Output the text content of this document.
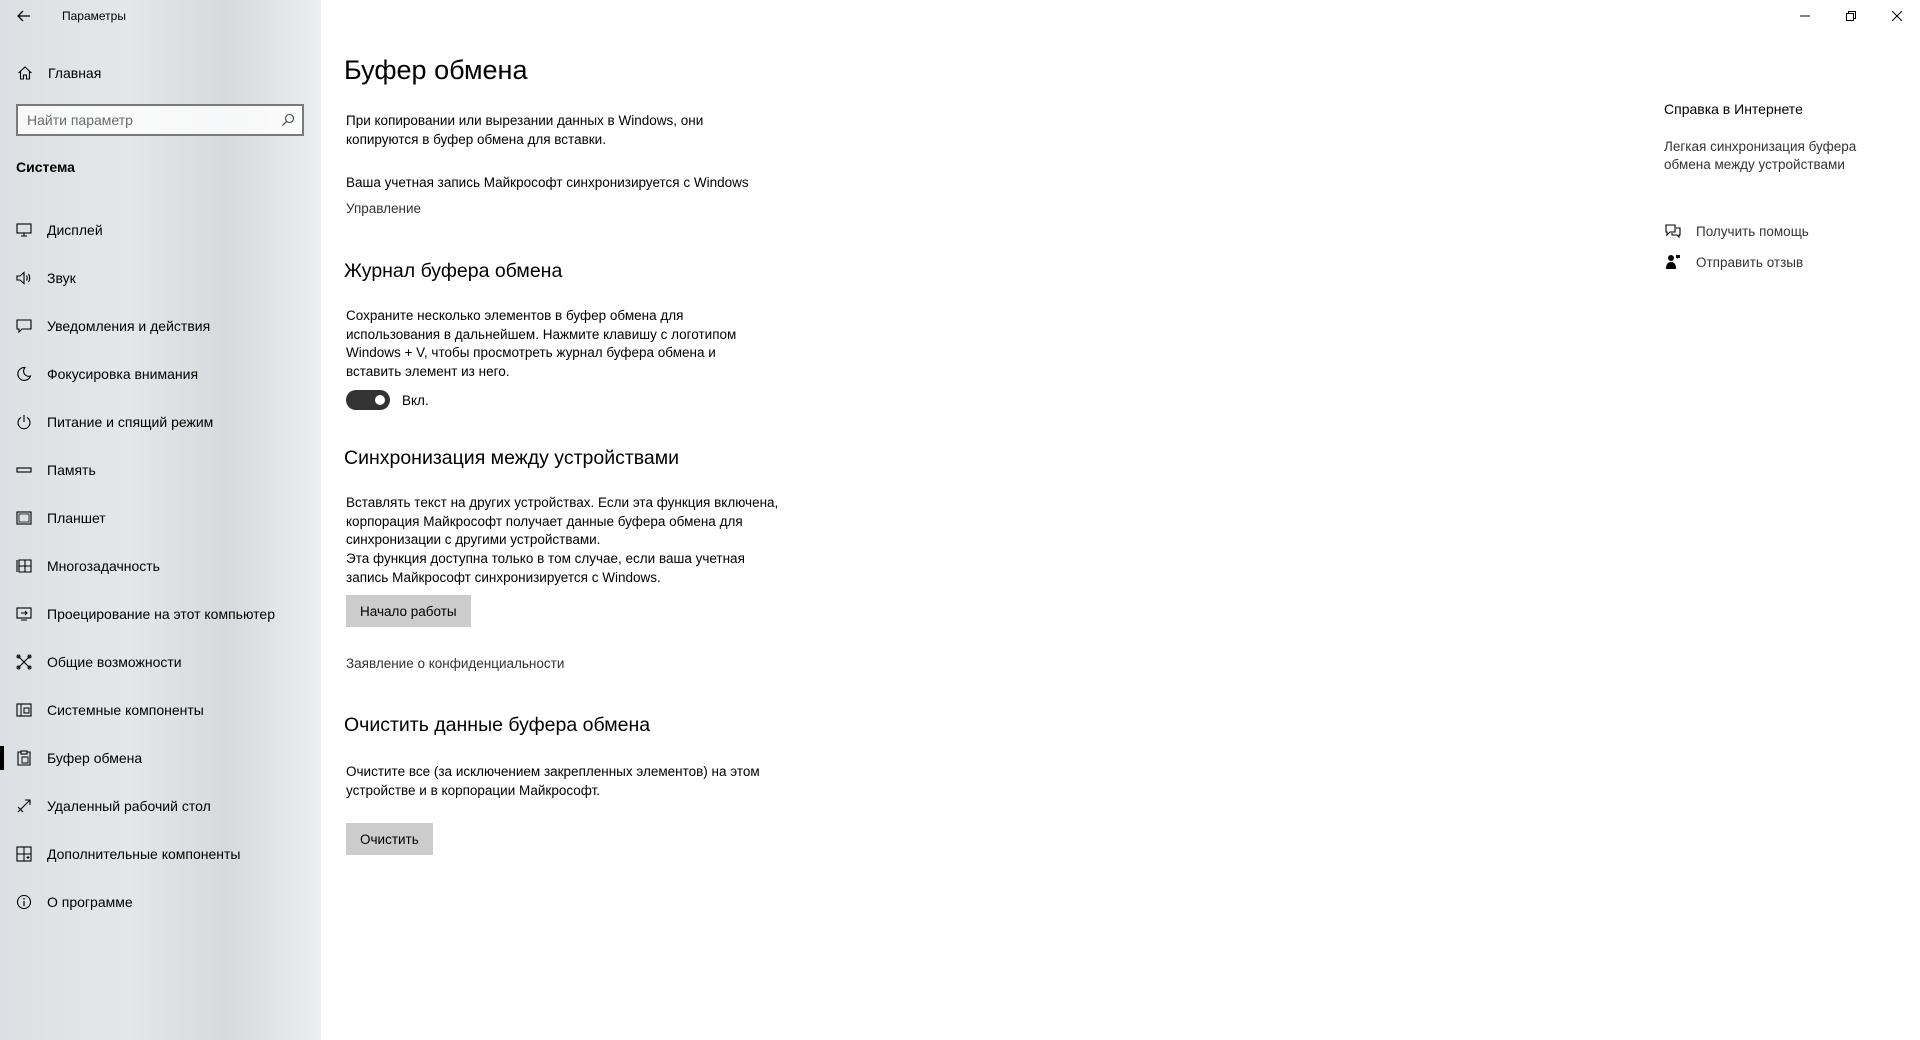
Параметры
Главная
Найти параметр
Система
Дисплей
Звук
Уведомления и действия
Фокусировка внимания
Питание и спящий режим
Память
Планшет
Многозадачность
Проецирование на этот компьютер
Общие возможности
Системные компоненты
Буфер обмена
Удаленный рабочий стол
Дополнительные компоненты
О программе
Буфер обмена

При копировании или вырезании данных в Windows, они копируются в буфер обмена для вставки.

Ваша учетная запись Майкрософт синхронизируется с Windows

Управление
Журнал буфера обмена

Сохраните несколько элементов в буфер обмена для использования в дальнейшем. Нажмите клавишу с логотипом Windows + V, чтобы просмотреть журнал буфера обмена и вставить элемент из него.

Вкл.
Синхронизация между устройствами

Вставлять текст на других устройствах. Если эта функция включена, корпорация Майкрософт получает данные буфера обмена для синхронизации с другими устройствами.

Эта функция доступна только в том случае, если ваша учетная запись Майкрософт синхронизируется с Windows.

Начало работы
Заявление о конфиденциальности
Очистить данные буфера обмена

Очистите все (за исключением закрепленных элементов) на этом устройстве и в корпорации Майкрософт.

Очистить
Справка в Интернете
Легкая синхронизация буфера обмена между устройствами
Получить помощь
Отправить отзыв
